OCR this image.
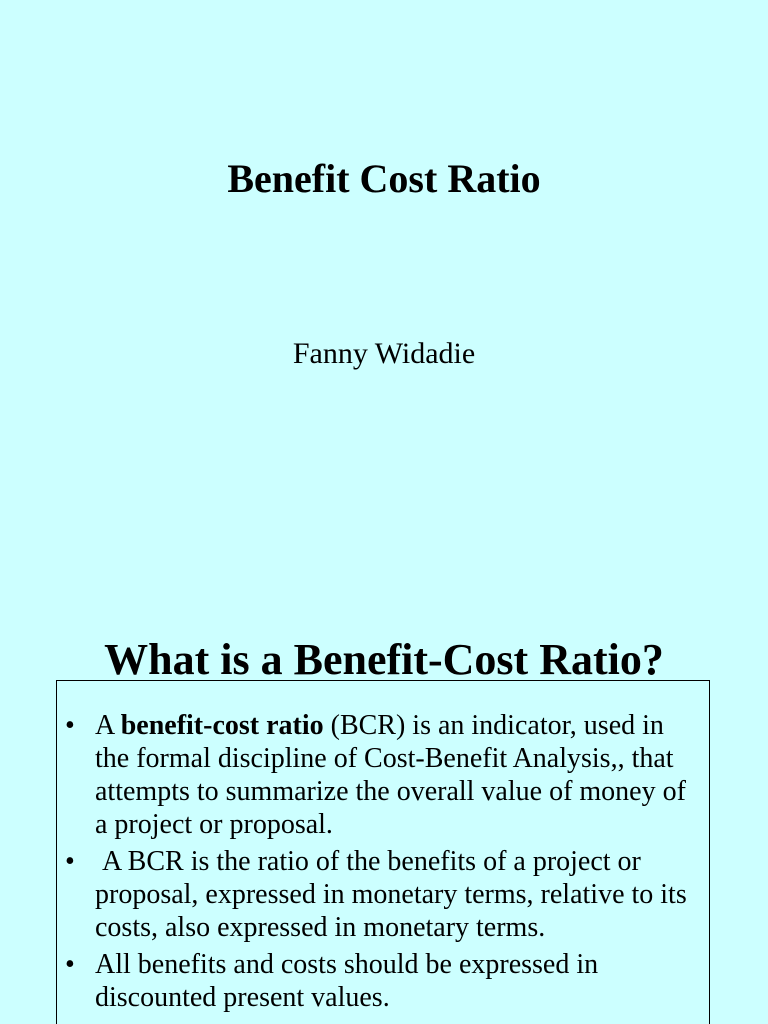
Benefit Cost Ratio

Fanny Widadie

What is a Benefit-Cost Ratio?
• A benefit-cost ratio (BCR) is an indicator, used in the formal discipline of Cost-Benefit Analysis,, that attempts to summarize the overall value of money of a project or proposal.
• A BCR is the ratio of the benefits of a project or proposal, expressed in monetary terms, relative to its costs, also expressed in monetary terms.
• All benefits and costs should be expressed in discounted present values.
